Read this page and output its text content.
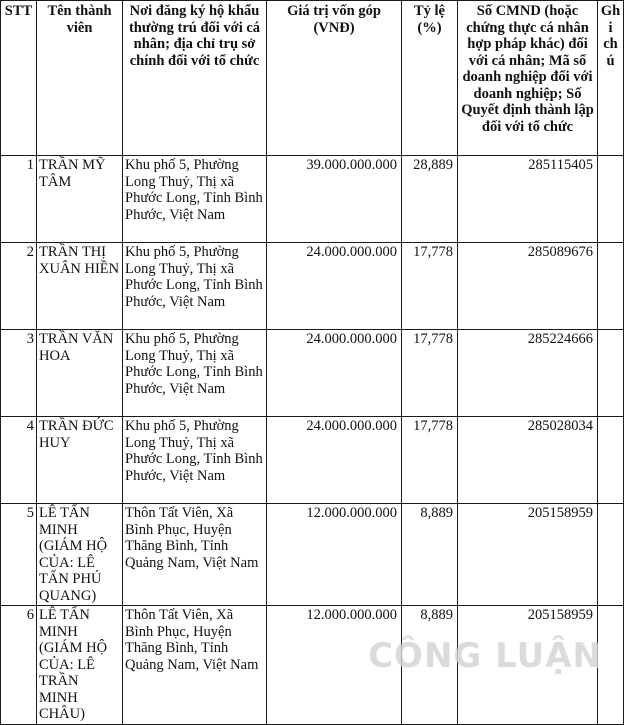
STT	Tên thành viên	Nơi đăng ký hộ khẩu thường trú đối với cá nhân; địa chỉ trụ sở chính đối với tổ chức	Giá trị vốn góp (VNĐ)	Tỷ lệ (%)	Số CMND (hoặc chứng thực cá nhân hợp pháp khác) đối với cá nhân; Mã số doanh nghiệp đối với doanh nghiệp; Số Quyết định thành lập đối với tổ chức	Ghi chú
1	TRẦN MỸ TÂM	Khu phố 5, Phường Long Thuỷ, Thị xã Phước Long, Tỉnh Bình Phước, Việt Nam	39.000.000.000	28,889	285115405	
2	TRẦN THỊ XUÂN HIỀN	Khu phố 5, Phường Long Thuỷ, Thị xã Phước Long, Tỉnh Bình Phước, Việt Nam	24.000.000.000	17,778	285089676	
3	TRẦN VĂN HOA	Khu phố 5, Phường Long Thuỷ, Thị xã Phước Long, Tỉnh Bình Phước, Việt Nam	24.000.000.000	17,778	285224666	
4	TRẦN ĐỨC HUY	Khu phố 5, Phường Long Thuỷ, Thị xã Phước Long, Tỉnh Bình Phước, Việt Nam	24.000.000.000	17,778	285028034	
5	LÊ TẤN MINH (GIÁM HỘ CỦA: LÊ TẤN PHÚ QUANG)	Thôn Tất Viên, Xã Bình Phục, Huyện Thăng Bình, Tỉnh Quảng Nam, Việt Nam	12.000.000.000	8,889	205158959	
6	LÊ TẤN MINH (GIÁM HỘ CỦA: LÊ TRẦN MINH CHÂU)	Thôn Tất Viên, Xã Bình Phục, Huyện Thăng Bình, Tỉnh Quảng Nam, Việt Nam	12.000.000.000	8,889	205158959	
CÔNG LUẬN
